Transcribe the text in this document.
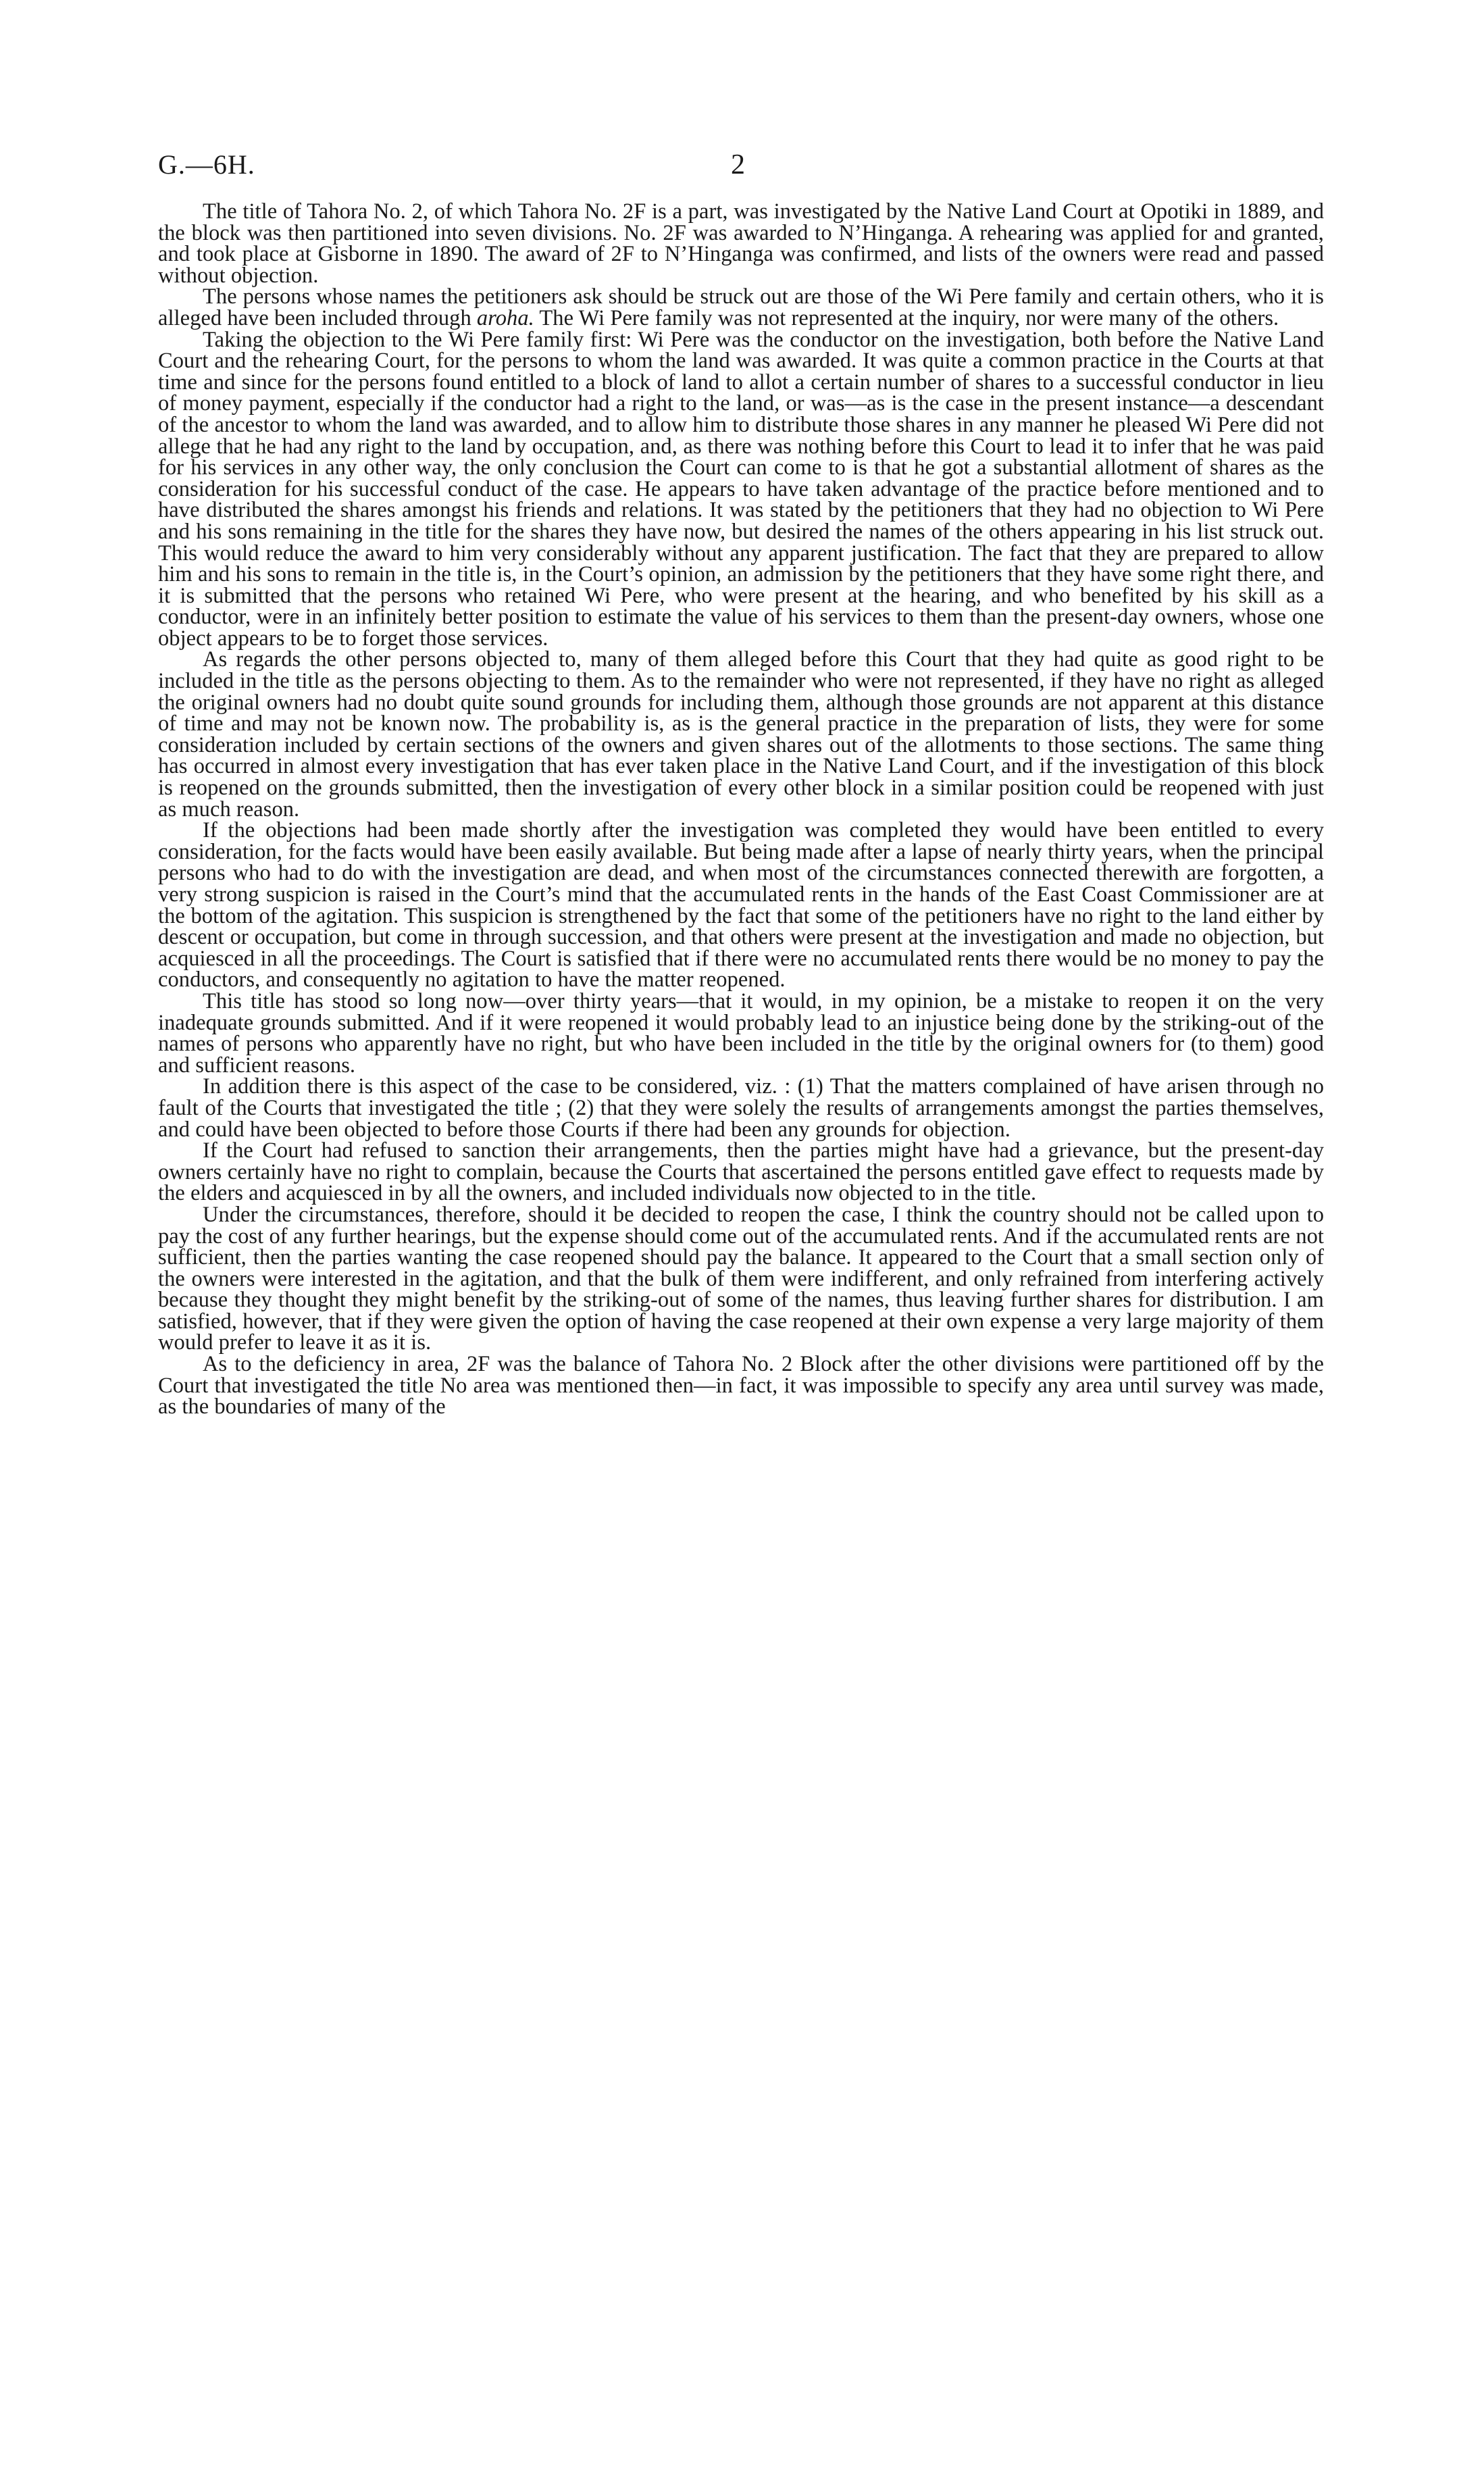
G.—6H.	2

The title of Tahora No. 2, of which Tahora No. 2F is a part, was investigated by the Native Land Court at Opotiki in 1889, and the block was then partitioned into seven divisions. No. 2F was awarded to N’Hinganga. A rehearing was applied for and granted, and took place at Gisborne in 1890. The award of 2F to N’Hinganga was confirmed, and lists of the owners were read and passed without objection.

The persons whose names the petitioners ask should be struck out are those of the Wi Pere family and certain others, who it is alleged have been included through aroha. The Wi Pere family was not represented at the inquiry, nor were many of the others.

Taking the objection to the Wi Pere family first: Wi Pere was the conductor on the investigation, both before the Native Land Court and the rehearing Court, for the persons to whom the land was awarded. It was quite a common practice in the Courts at that time and since for the persons found entitled to a block of land to allot a certain number of shares to a successful conductor in lieu of money payment, especially if the conductor had a right to the land, or was—as is the case in the present instance—a descendant of the ancestor to whom the land was awarded, and to allow him to distribute those shares in any manner he pleased Wi Pere did not allege that he had any right to the land by occupation, and, as there was nothing before this Court to lead it to infer that he was paid for his services in any other way, the only conclusion the Court can come to is that he got a substantial allotment of shares as the consideration for his successful conduct of the case. He appears to have taken advantage of the practice before mentioned and to have distributed the shares amongst his friends and relations. It was stated by the petitioners that they had no objection to Wi Pere and his sons remaining in the title for the shares they have now, but desired the names of the others appearing in his list struck out. This would reduce the award to him very considerably without any apparent justification. The fact that they are prepared to allow him and his sons to remain in the title is, in the Court’s opinion, an admission by the petitioners that they have some right there, and it is submitted that the persons who retained Wi Pere, who were present at the hearing, and who benefited by his skill as a conductor, were in an infinitely better position to estimate the value of his services to them than the present-day owners, whose one object appears to be to forget those services.

As regards the other persons objected to, many of them alleged before this Court that they had quite as good right to be included in the title as the persons objecting to them. As to the remainder who were not represented, if they have no right as alleged the original owners had no doubt quite sound grounds for including them, although those grounds are not apparent at this distance of time and may not be known now. The probability is, as is the general practice in the preparation of lists, they were for some consideration included by certain sections of the owners and given shares out of the allotments to those sections. The same thing has occurred in almost every investigation that has ever taken place in the Native Land Court, and if the investigation of this block is reopened on the grounds submitted, then the investigation of every other block in a similar position could be reopened with just as much reason.

If the objections had been made shortly after the investigation was completed they would have been entitled to every consideration, for the facts would have been easily available. But being made after a lapse of nearly thirty years, when the principal persons who had to do with the investigation are dead, and when most of the circumstances connected therewith are forgotten, a very strong suspicion is raised in the Court’s mind that the accumulated rents in the hands of the East Coast Commissioner are at the bottom of the agitation. This suspicion is strengthened by the fact that some of the petitioners have no right to the land either by descent or occupation, but come in through succession, and that others were present at the investigation and made no objection, but acquiesced in all the proceedings. The Court is satisfied that if there were no accumulated rents there would be no money to pay the conductors, and consequently no agitation to have the matter reopened.

This title has stood so long now—over thirty years—that it would, in my opinion, be a mistake to reopen it on the very inadequate grounds submitted. And if it were reopened it would probably lead to an injustice being done by the striking-out of the names of persons who apparently have no right, but who have been included in the title by the original owners for (to them) good and sufficient reasons.

In addition there is this aspect of the case to be considered, viz. : (1) That the matters complained of have arisen through no fault of the Courts that investigated the title ; (2) that they were solely the results of arrangements amongst the parties themselves, and could have been objected to before those Courts if there had been any grounds for objection.

If the Court had refused to sanction their arrangements, then the parties might have had a grievance, but the present-day owners certainly have no right to complain, because the Courts that ascertained the persons entitled gave effect to requests made by the elders and acquiesced in by all the owners, and included individuals now objected to in the title.

Under the circumstances, therefore, should it be decided to reopen the case, I think the country should not be called upon to pay the cost of any further hearings, but the expense should come out of the accumulated rents. And if the accumulated rents are not sufficient, then the parties wanting the case reopened should pay the balance. It appeared to the Court that a small section only of the owners were interested in the agitation, and that the bulk of them were indifferent, and only refrained from interfering actively because they thought they might benefit by the striking-out of some of the names, thus leaving further shares for distribution. I am satisfied, however, that if they were given the option of having the case reopened at their own expense a very large majority of them would prefer to leave it as it is.

As to the deficiency in area, 2F was the balance of Tahora No. 2 Block after the other divisions were partitioned off by the Court that investigated the title No area was mentioned then—in fact, it was impossible to specify any area until survey was made, as the boundaries of many of the
